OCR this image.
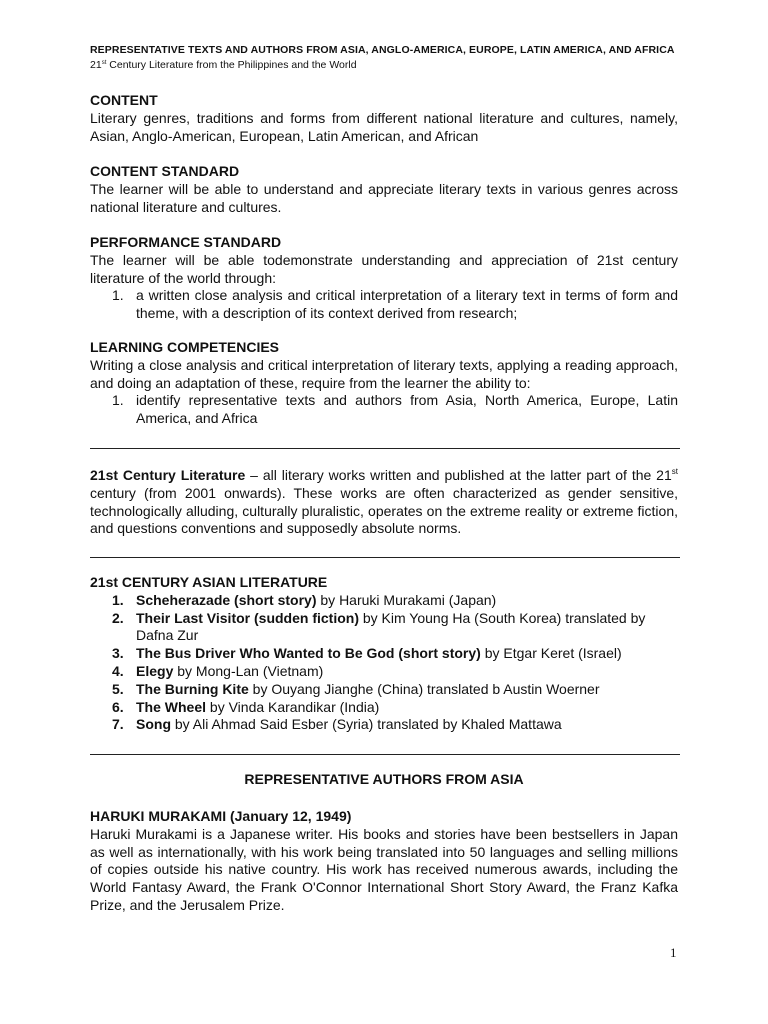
REPRESENTATIVE TEXTS AND AUTHORS FROM ASIA, ANGLO-AMERICA, EUROPE, LATIN AMERICA, AND AFRICA
21st Century Literature from the Philippines and the World
CONTENT
Literary genres, traditions and forms from different national literature and cultures, namely, Asian, Anglo-American, European, Latin American, and African
CONTENT STANDARD
The learner will be able to understand and appreciate literary texts in various genres across national literature and cultures.
PERFORMANCE STANDARD
The learner will be able todemonstrate understanding and appreciation of 21st century literature of the world through:
1. a written close analysis and critical interpretation of a literary text in terms of form and theme, with a description of its context derived from research;
LEARNING COMPETENCIES
Writing a close analysis and critical interpretation of literary texts, applying a reading approach, and doing an adaptation of these, require from the learner the ability to:
1. identify representative texts and authors from Asia, North America, Europe, Latin America, and Africa
21st Century Literature – all literary works written and published at the latter part of the 21st century (from 2001 onwards). These works are often characterized as gender sensitive, technologically alluding, culturally pluralistic, operates on the extreme reality or extreme fiction, and questions conventions and supposedly absolute norms.
21st CENTURY ASIAN LITERATURE
1. Scheherazade (short story) by Haruki Murakami (Japan)
2. Their Last Visitor (sudden fiction) by Kim Young Ha (South Korea) translated by Dafna Zur
3. The Bus Driver Who Wanted to Be God (short story) by Etgar Keret (Israel)
4. Elegy by Mong-Lan (Vietnam)
5. The Burning Kite by Ouyang Jianghe (China) translated b Austin Woerner
6. The Wheel by Vinda Karandikar (India)
7. Song by Ali Ahmad Said Esber (Syria) translated by Khaled Mattawa
REPRESENTATIVE AUTHORS FROM ASIA
HARUKI MURAKAMI (January 12, 1949)
Haruki Murakami is a Japanese writer. His books and stories have been bestsellers in Japan as well as internationally, with his work being translated into 50 languages and selling millions of copies outside his native country. His work has received numerous awards, including the World Fantasy Award, the Frank O'Connor International Short Story Award, the Franz Kafka Prize, and the Jerusalem Prize.
1
